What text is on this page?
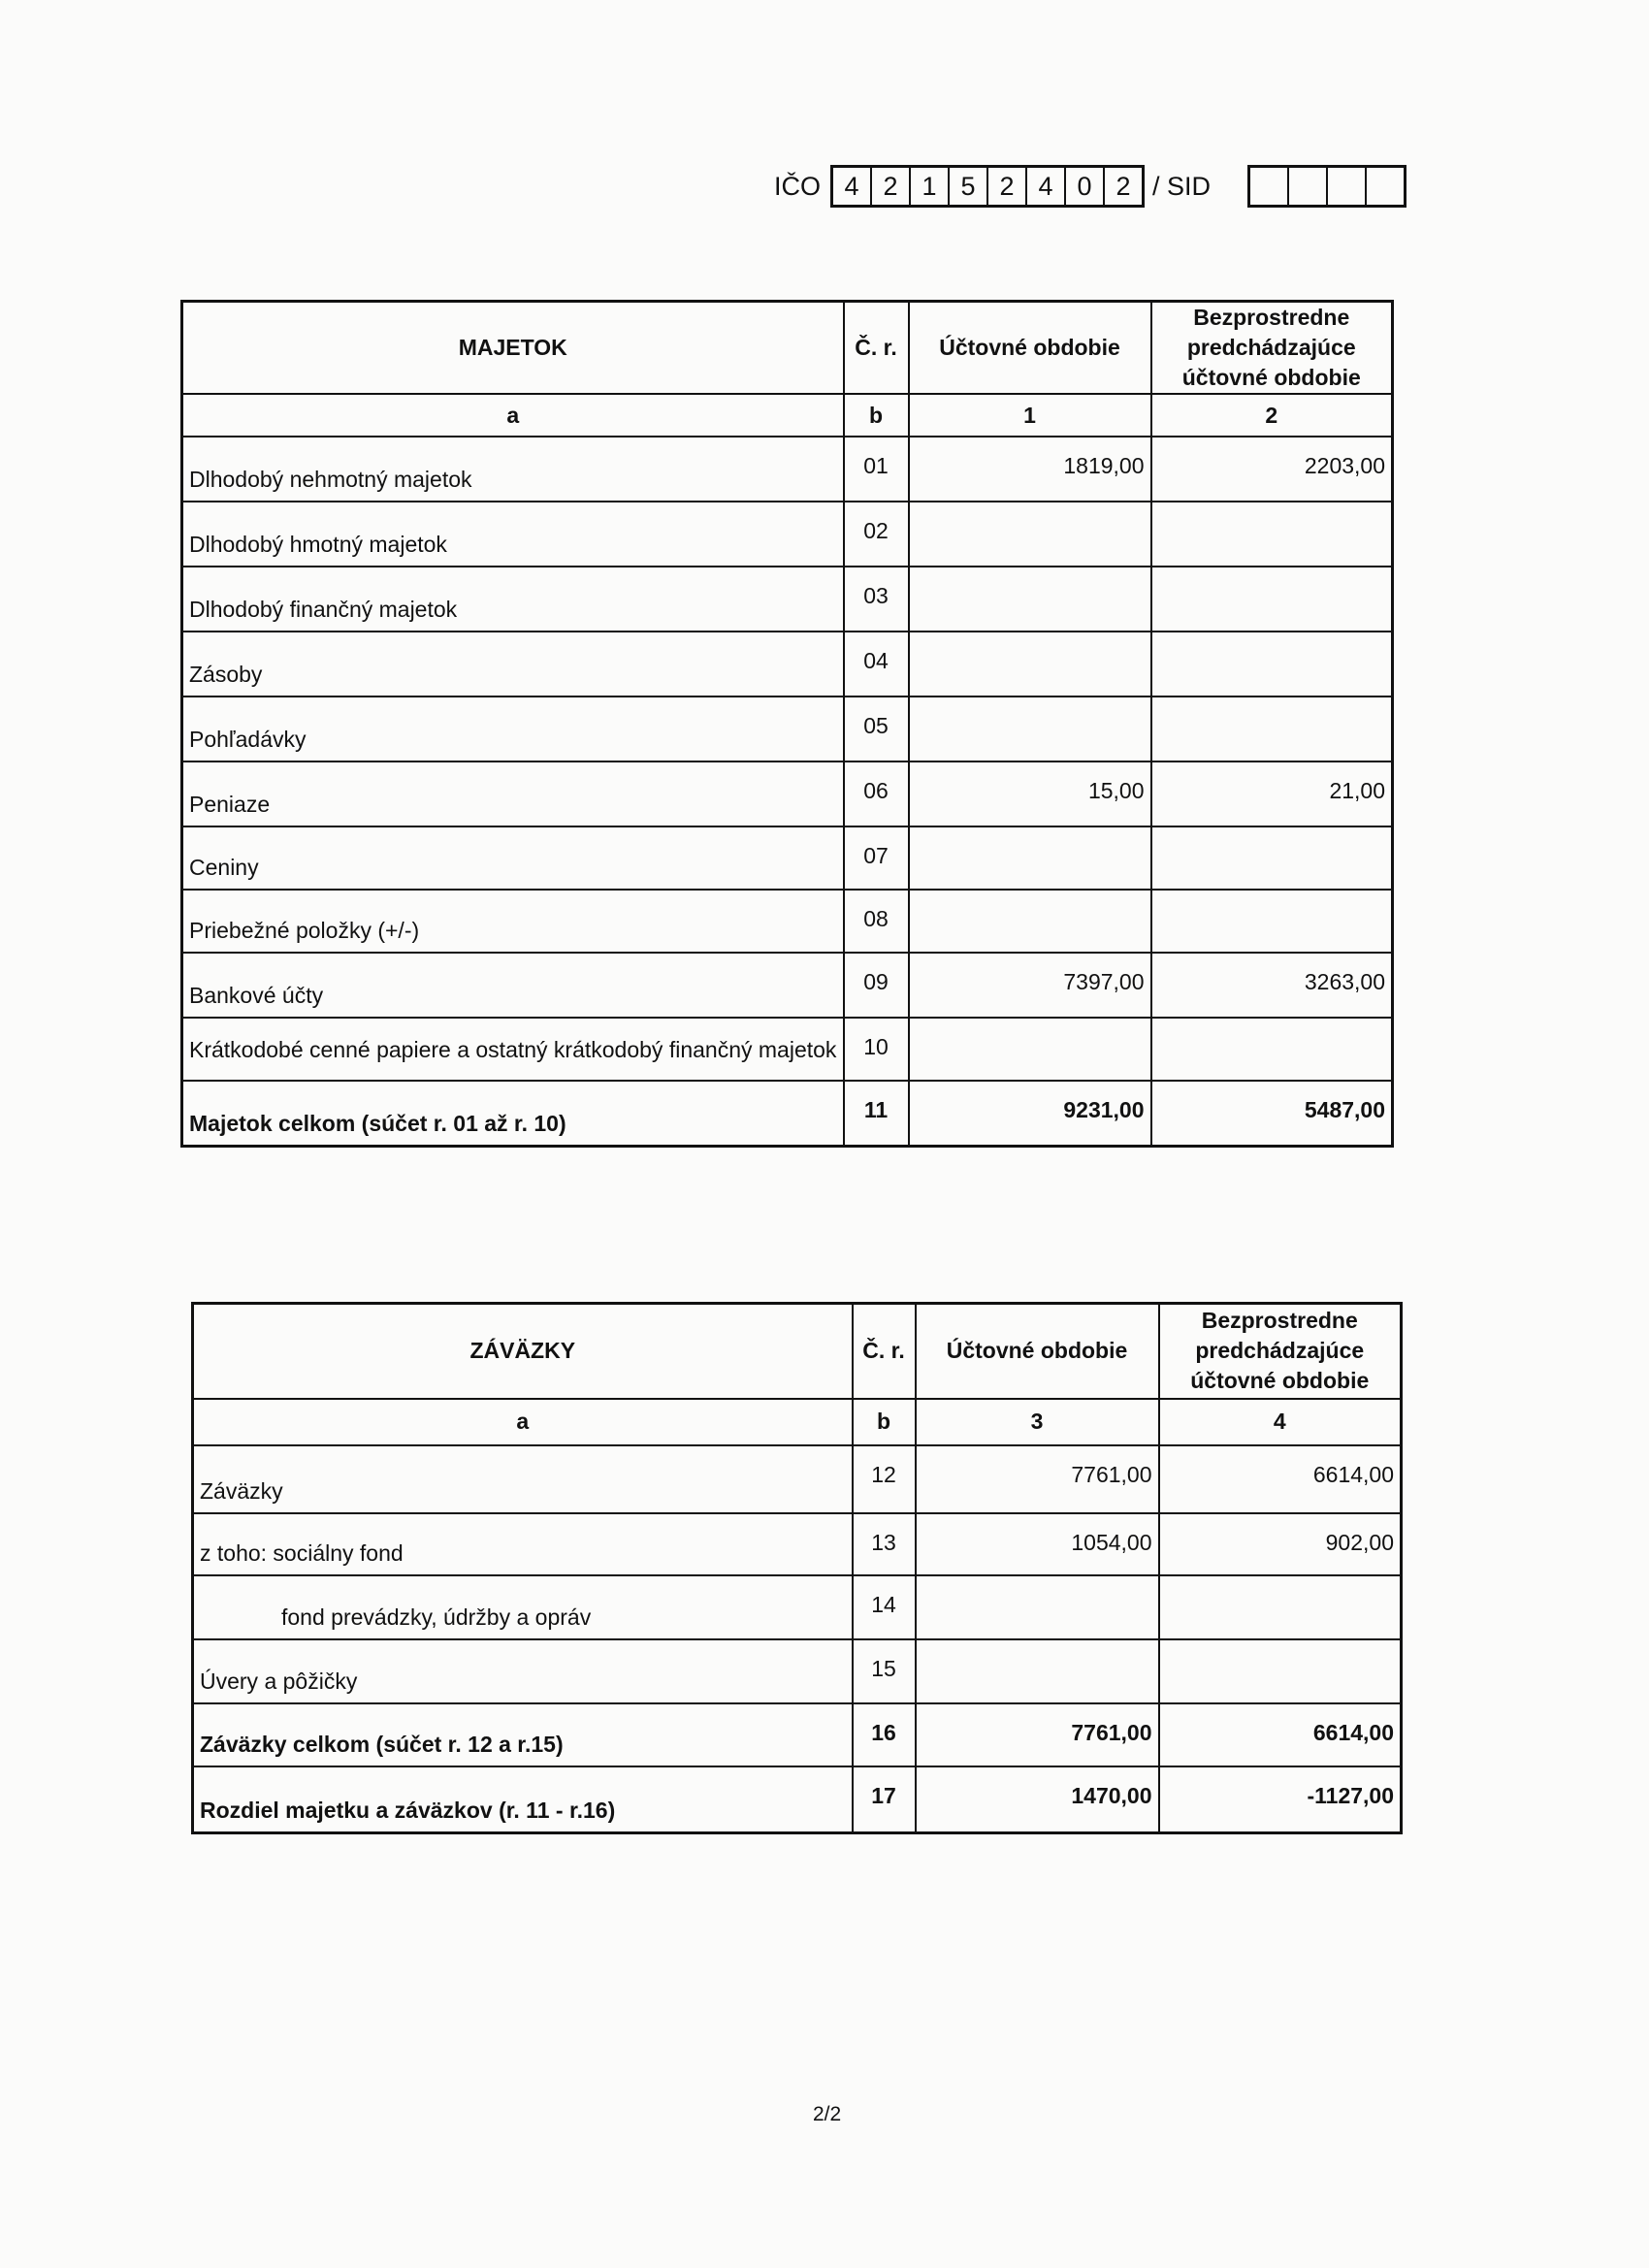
IČO 4 2 1 5 2 4 0 2 / SID
MAJETOK	Č. r.	Účtovné obdobie	Bezprostredne predchádzajúce účtovné obdobie
a	b	1	2
Dlhodobý nehmotný majetok	01	1819,00	2203,00
Dlhodobý hmotný majetok	02		
Dlhodobý finančný majetok	03		
Zásoby	04		
Pohľadávky	05		
Peniaze	06	15,00	21,00
Ceniny	07		
Priebežné položky (+/-)	08		
Bankové účty	09	7397,00	3263,00
Krátkodobé cenné papiere a ostatný krátkodobý finančný majetok	10		
Majetok celkom (súčet r. 01 až r. 10)	11	9231,00	5487,00
ZÁVÄZKY	Č. r.	Účtovné obdobie	Bezprostredne predchádzajúce účtovné obdobie
a	b	3	4
Záväzky	12	7761,00	6614,00
z toho: sociálny fond	13	1054,00	902,00
fond prevádzky, údržby a opráv	14		
Úvery a pôžičky	15		
Záväzky celkom (súčet r. 12 a r.15)	16	7761,00	6614,00
Rozdiel majetku a záväzkov (r. 11 - r.16)	17	1470,00	-1127,00
2/2
